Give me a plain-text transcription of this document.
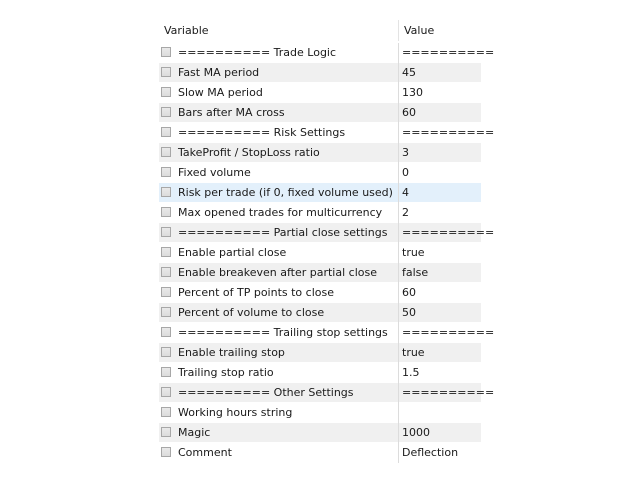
Variable	Value
========== Trade Logic	==========
Fast MA period	45
Slow MA period	130
Bars after MA cross	60
========== Risk Settings	==========
TakeProfit / StopLoss ratio	3
Fixed volume	0
Risk per trade (if 0, fixed volume used) 4
Max opened trades for multicurrency	2
========== Partial close settings	==========
Enable partial close	true
Enable breakeven after partial close	false
Percent of TP points to close	60
Percent of volume to close	50
========== Trailing stop settings	==========
Enable trailing stop	true
Trailing stop ratio	1.5
========== Other Settings	==========
Working hours string
Magic	1000
Comment	Deflection
